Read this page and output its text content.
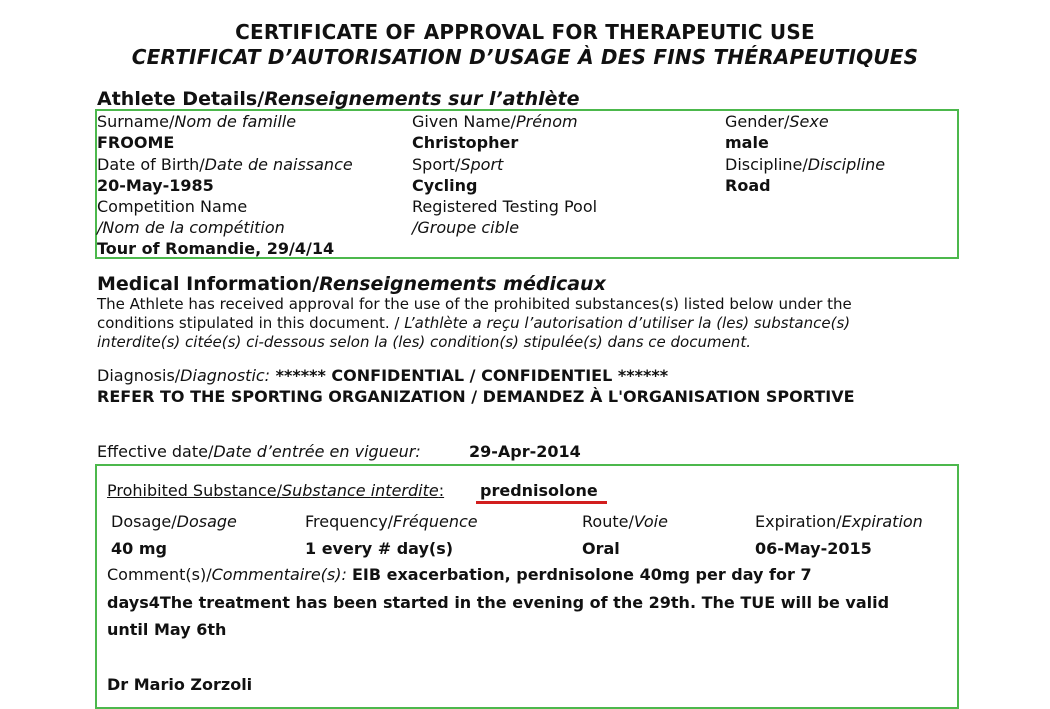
CERTIFICATE OF APPROVAL FOR THERAPEUTIC USE
CERTIFICAT D’AUTORISATION D’USAGE À DES FINS THÉRAPEUTIQUES
Athlete Details/Renseignements sur l’athlète
Surname/Nom de famille
FROOME
Date of Birth/Date de naissance
20-May-1985
Competition Name
/Nom de la compétition
Tour of Romandie, 29/4/14
Given Name/Prénom
Christopher
Sport/Sport
Cycling
Registered Testing Pool
/Groupe cible
Gender/Sexe
male
Discipline/Discipline
Road
Medical Information/Renseignements médicaux
The Athlete has received approval for the use of the prohibited substances(s) listed below under the
conditions stipulated in this document. / L’athlète a reçu l’autorisation d’utiliser la (les) substance(s)
interdite(s) citée(s) ci-dessous selon la (les) condition(s) stipulée(s) dans ce document.
Diagnosis/Diagnostic: ****** CONFIDENTIAL / CONFIDENTIEL ******
REFER TO THE SPORTING ORGANIZATION / DEMANDEZ À L'ORGANISATION SPORTIVE
Effective date/Date d’entrée en vigueur:	29-Apr-2014
Prohibited Substance/Substance interdite: prednisolone
Dosage/Dosage
40 mg
Frequency/Fréquence
1 every # day(s)
Route/Voie
Oral
Expiration/Expiration
06-May-2015
Comment(s)/Commentaire(s): EIB exacerbation, perdnisolone 40mg per day for 7
days4The treatment has been started in the evening of the 29th. The TUE will be valid
until May 6th
Dr Mario Zorzoli
